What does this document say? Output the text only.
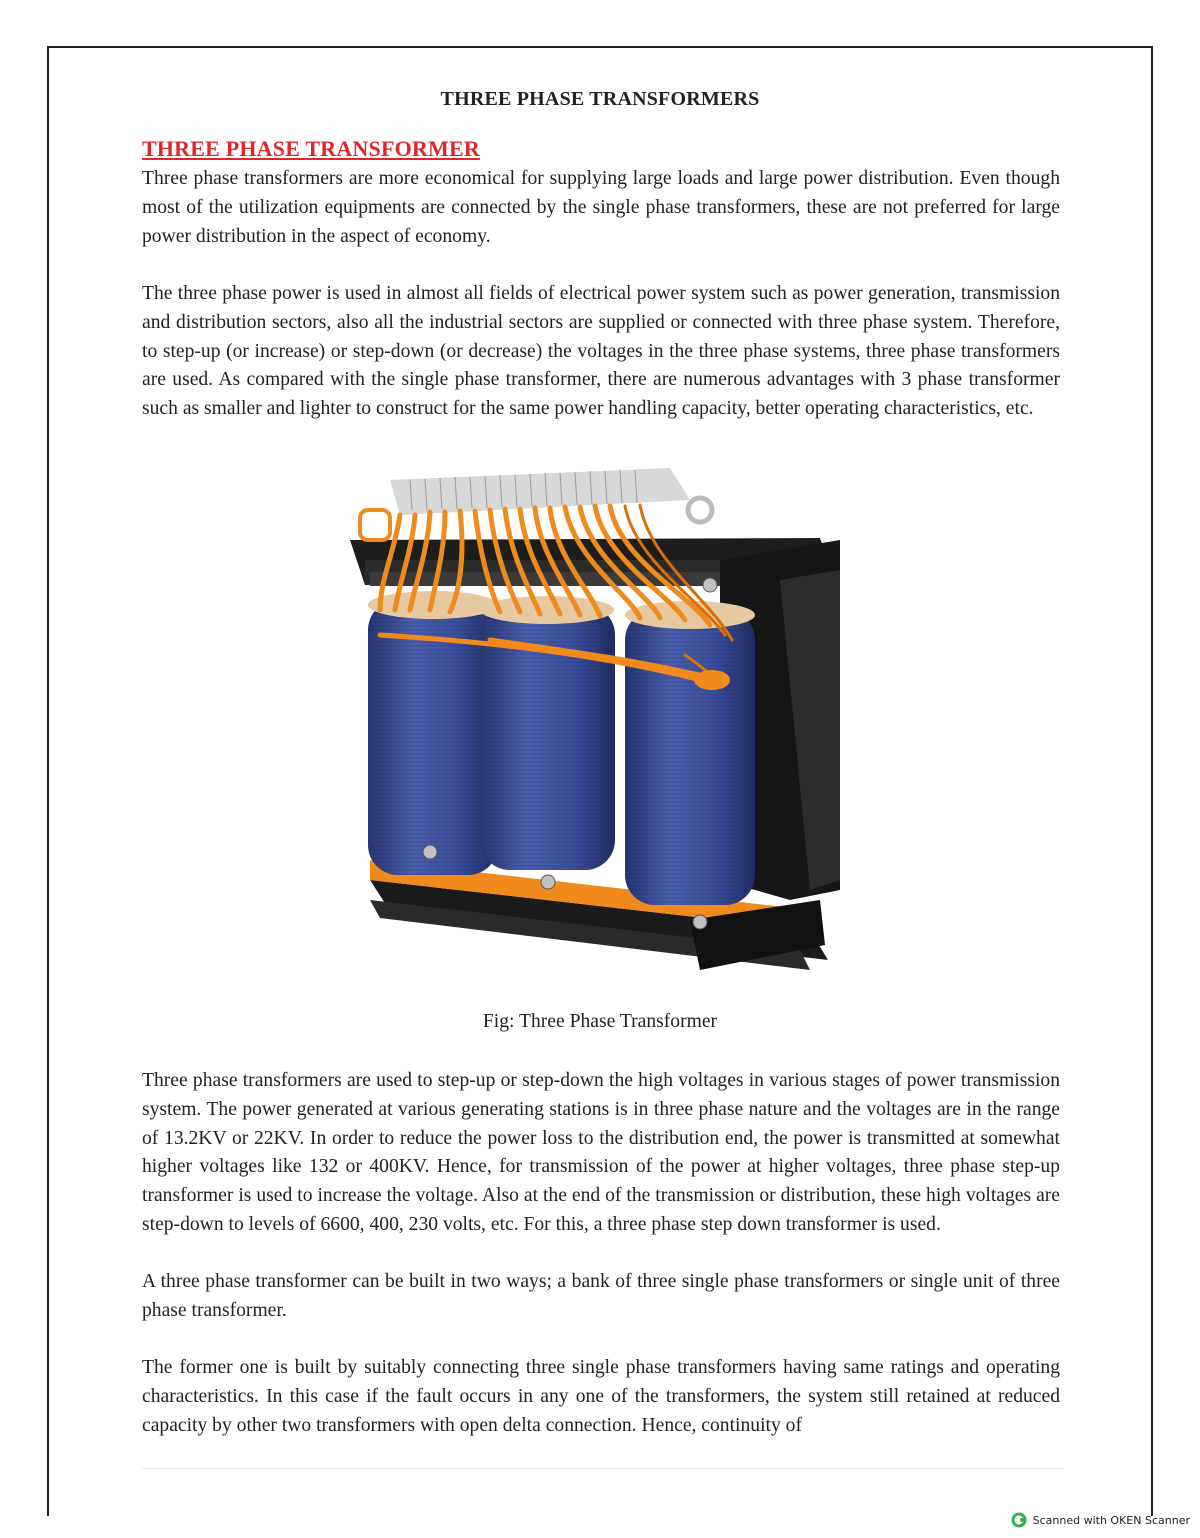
THREE PHASE TRANSFORMERS
THREE PHASE TRANSFORMER

Three phase transformers are more economical for supplying large loads and large power distribution. Even though most of the utilization equipments are connected by the single phase transformers, these are not preferred for large power distribution in the aspect of economy.

The three phase power is used in almost all fields of electrical power system such as power generation, transmission and distribution sectors, also all the industrial sectors are supplied or connected with three phase system. Therefore, to step-up (or increase) or step-down (or decrease) the voltages in the three phase systems, three phase transformers are used. As compared with the single phase transformer, there are numerous advantages with 3 phase transformer such as smaller and lighter to construct for the same power handling capacity, better operating characteristics, etc.

Fig: Three Phase Transformer

Three phase transformers are used to step-up or step-down the high voltages in various stages of power transmission system. The power generated at various generating stations is in three phase nature and the voltages are in the range of 13.2KV or 22KV. In order to reduce the power loss to the distribution end, the power is transmitted at somewhat higher voltages like 132 or 400KV. Hence, for transmission of the power at higher voltages, three phase step-up transformer is used to increase the voltage. Also at the end of the transmission or distribution, these high voltages are step-down to levels of 6600, 400, 230 volts, etc. For this, a three phase step down transformer is used.

A three phase transformer can be built in two ways; a bank of three single phase transformers or single unit of three phase transformer.

The former one is built by suitably connecting three single phase transformers having same ratings and operating characteristics. In this case if the fault occurs in any one of the transformers, the system still retained at reduced capacity by other two transformers with open delta connection. Hence, continuity of

Scanned with OKEN Scanner
